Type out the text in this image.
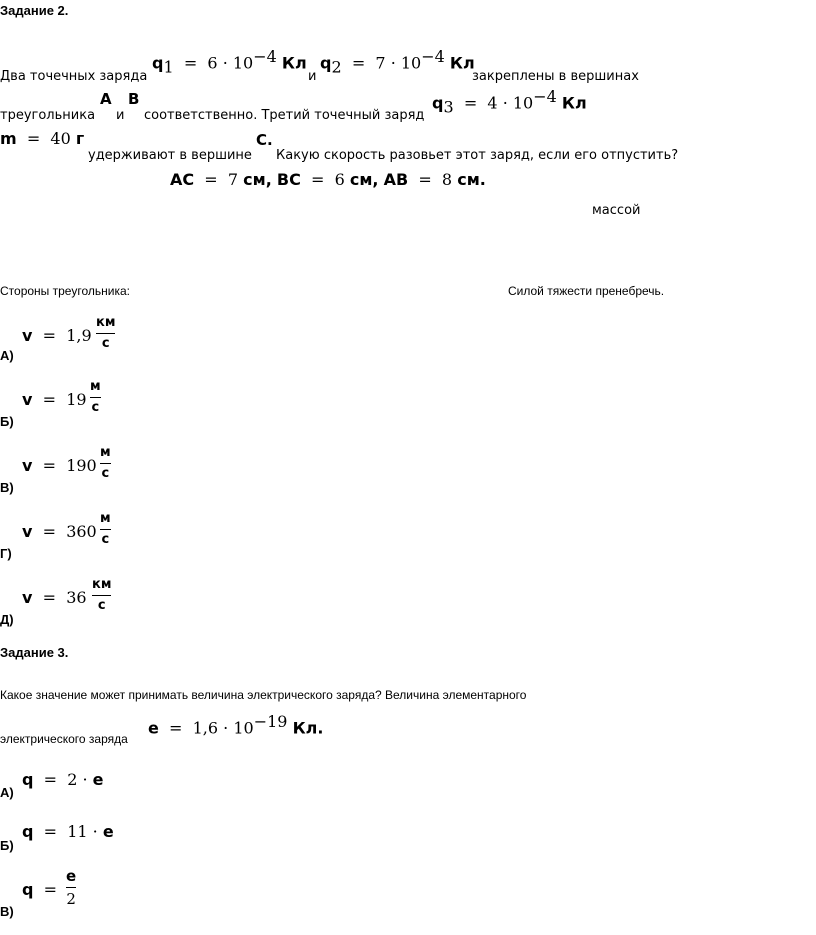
Задание 2.
$q_1 = 6 \cdot 10^{-4}$ Кл $q_2 = 7 \cdot 10^{-4}$ Кл
Два точечных заряда	и	закреплены в вершинах
A B	$q_3 = 4 \cdot 10^{-4}$ Кл
треугольника и соответственно. Третий точечный заряд
m = 40 г	C.
удерживают в вершине Какую скорость разовьет этот заряд, если его отпустить?
AC = 7 см, BC = 6 см, AB = 8 см.
массой
Стороны треугольника:	Силой тяжести пренебречь.
А)
v = 1,9
км
с
Б)
v = 19
м
с
В)
v = 190
м
с
Г)
v = 360
м
с
Д)
v = 36
км
с
Задание 3.
Какое значение может принимать величина электрического заряда? Величина элементарного
$e = 1,6 \cdot 10^{-19}$ Кл.
электрического заряда
А)
q = 2 · e
Б)
q = 11 · e
В)
q =
e
2
